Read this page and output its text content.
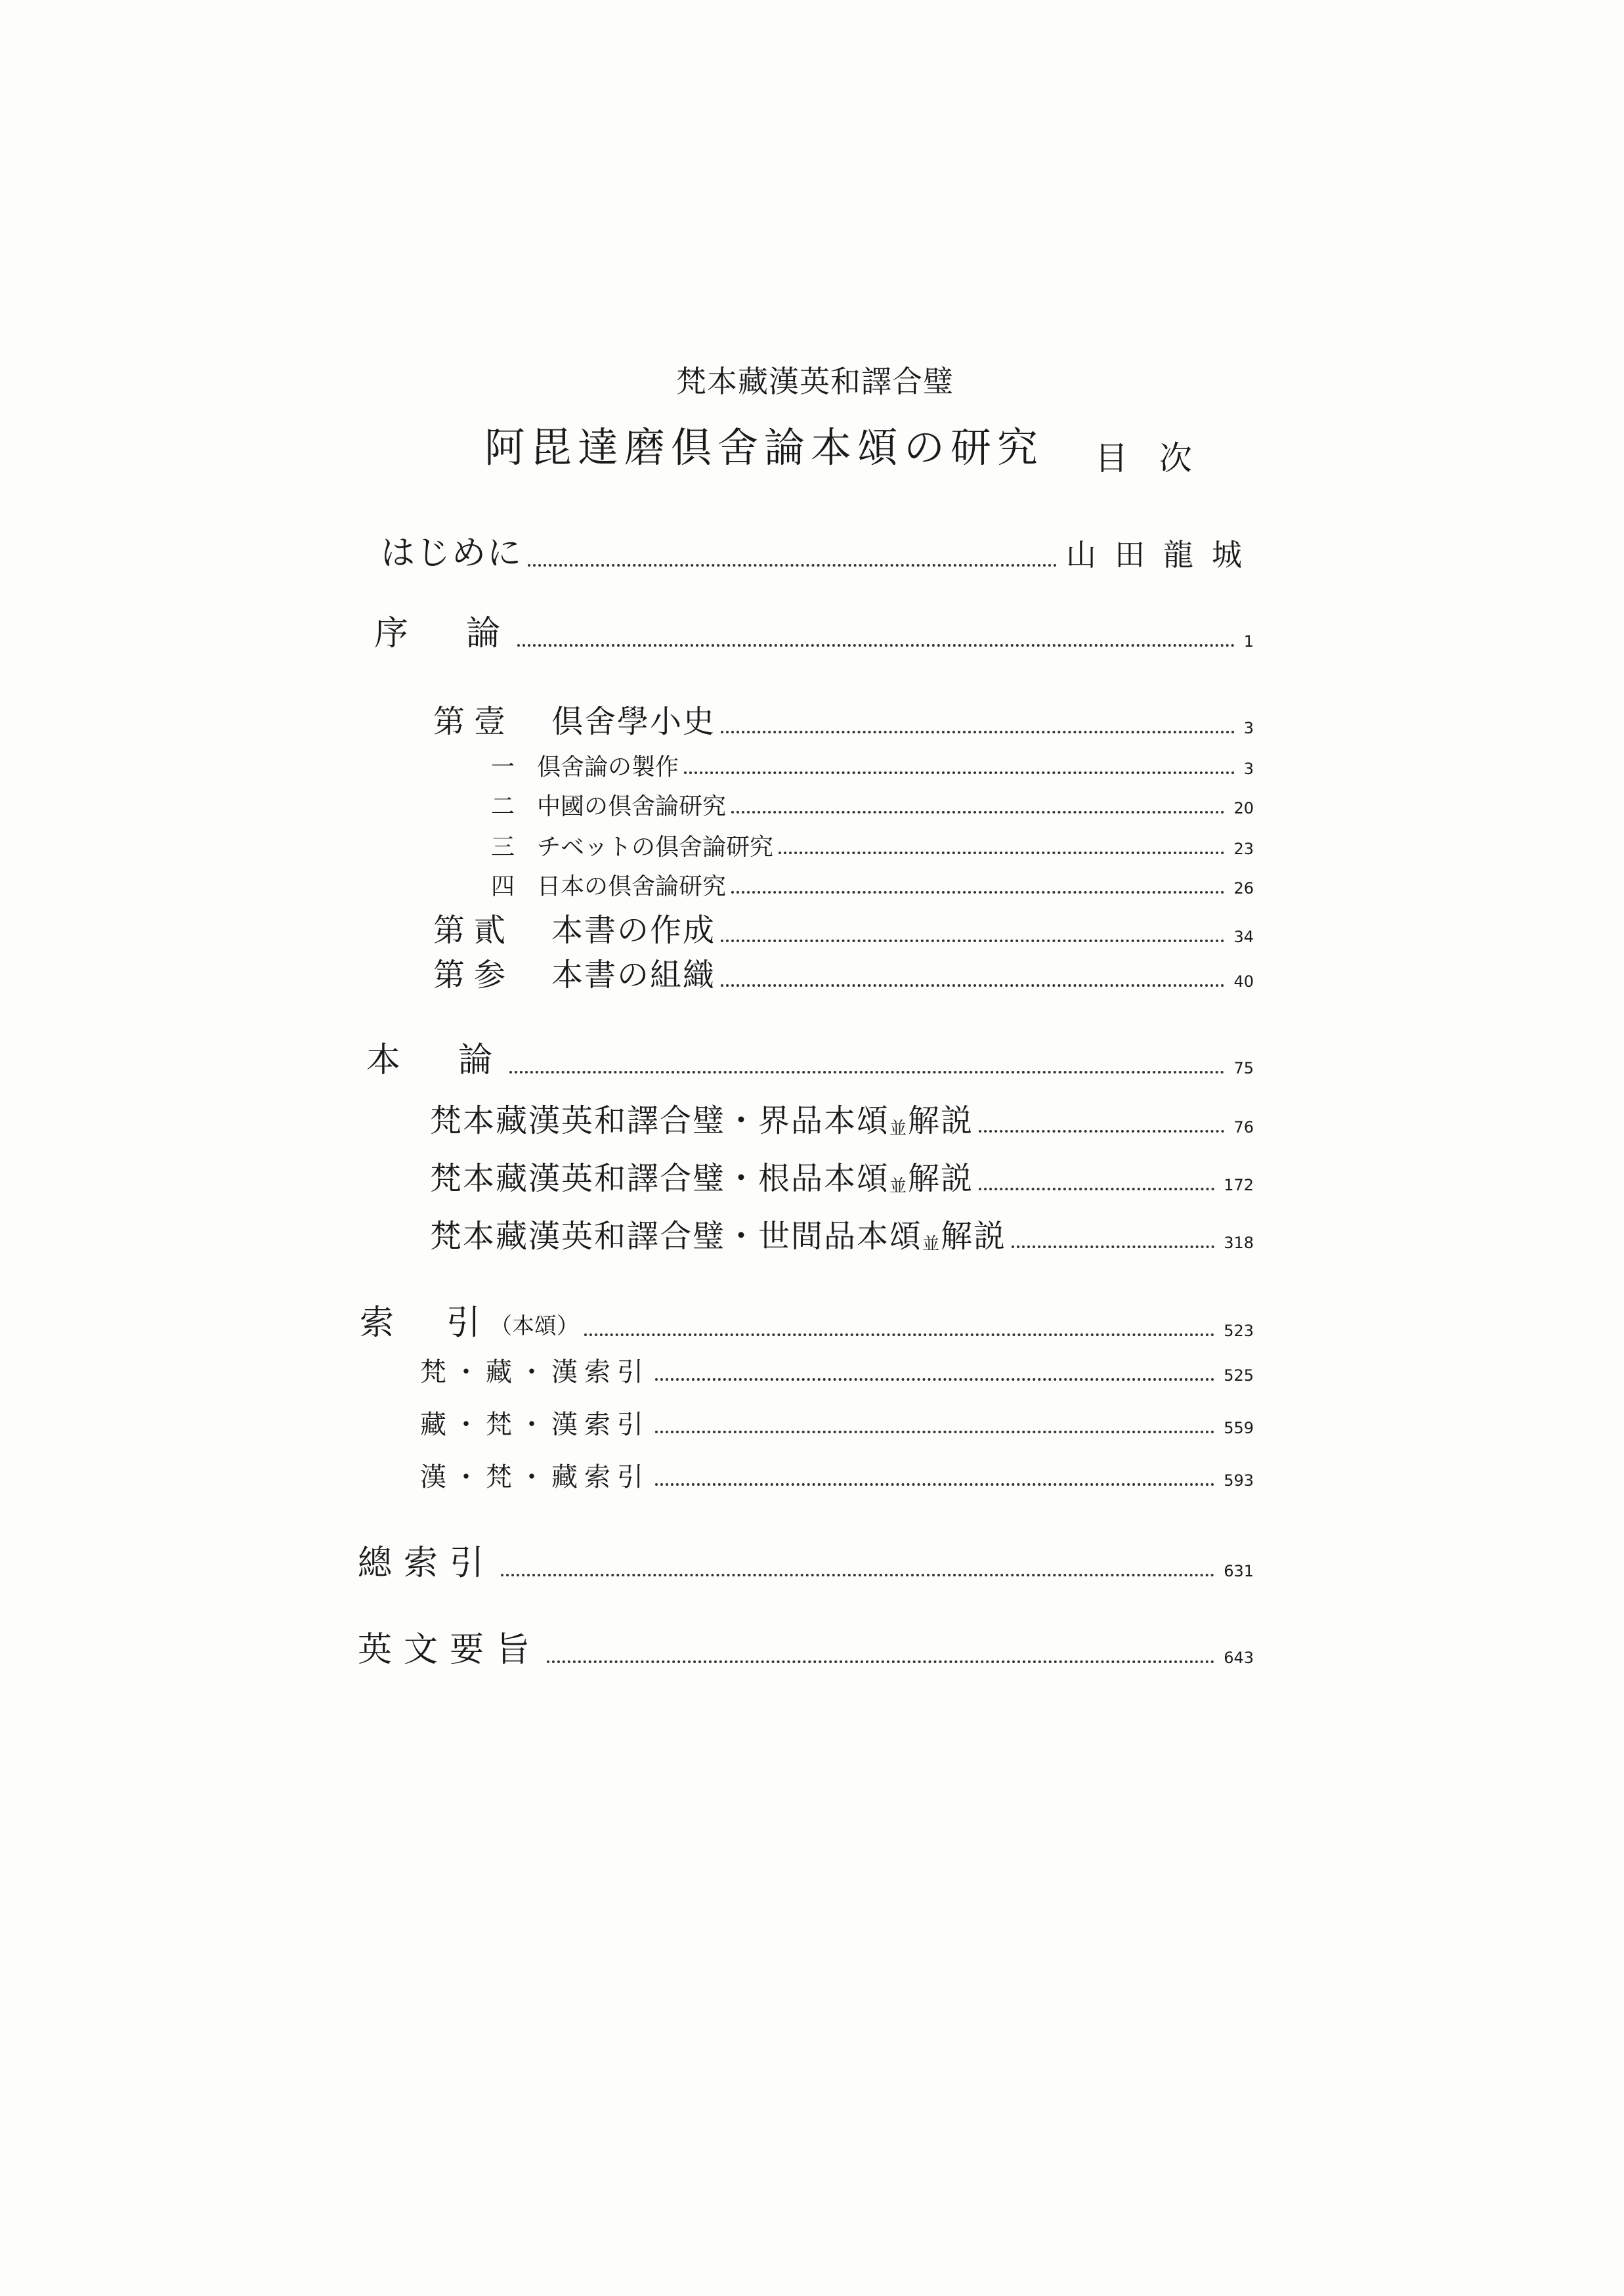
梵本藏漢英和譯合璧
阿毘達磨倶舍論本頌の研究 目 次
はじめに	山田龍城
序　論	1
第壹 倶舍學小史	3
一 倶舍論の製作	3
二 中國の倶舍論研究	20
三 チベットの倶舍論研究	23
四 日本の倶舍論研究	26
第貳 本書の作成	34
第参 本書の組織	40
本　論	75
梵本藏漢英和譯合璧・界品本頌$_並$解説	76
梵本藏漢英和譯合璧・根品本頌$_並$解説	172
梵本藏漢英和譯合璧・世間品本頌$_並$解説	318
索　引 （本頌）	523
梵・藏・漢索引	525
藏・梵・漢索引	559
漢・梵・藏索引	593
總索引	631
英文要旨	643
